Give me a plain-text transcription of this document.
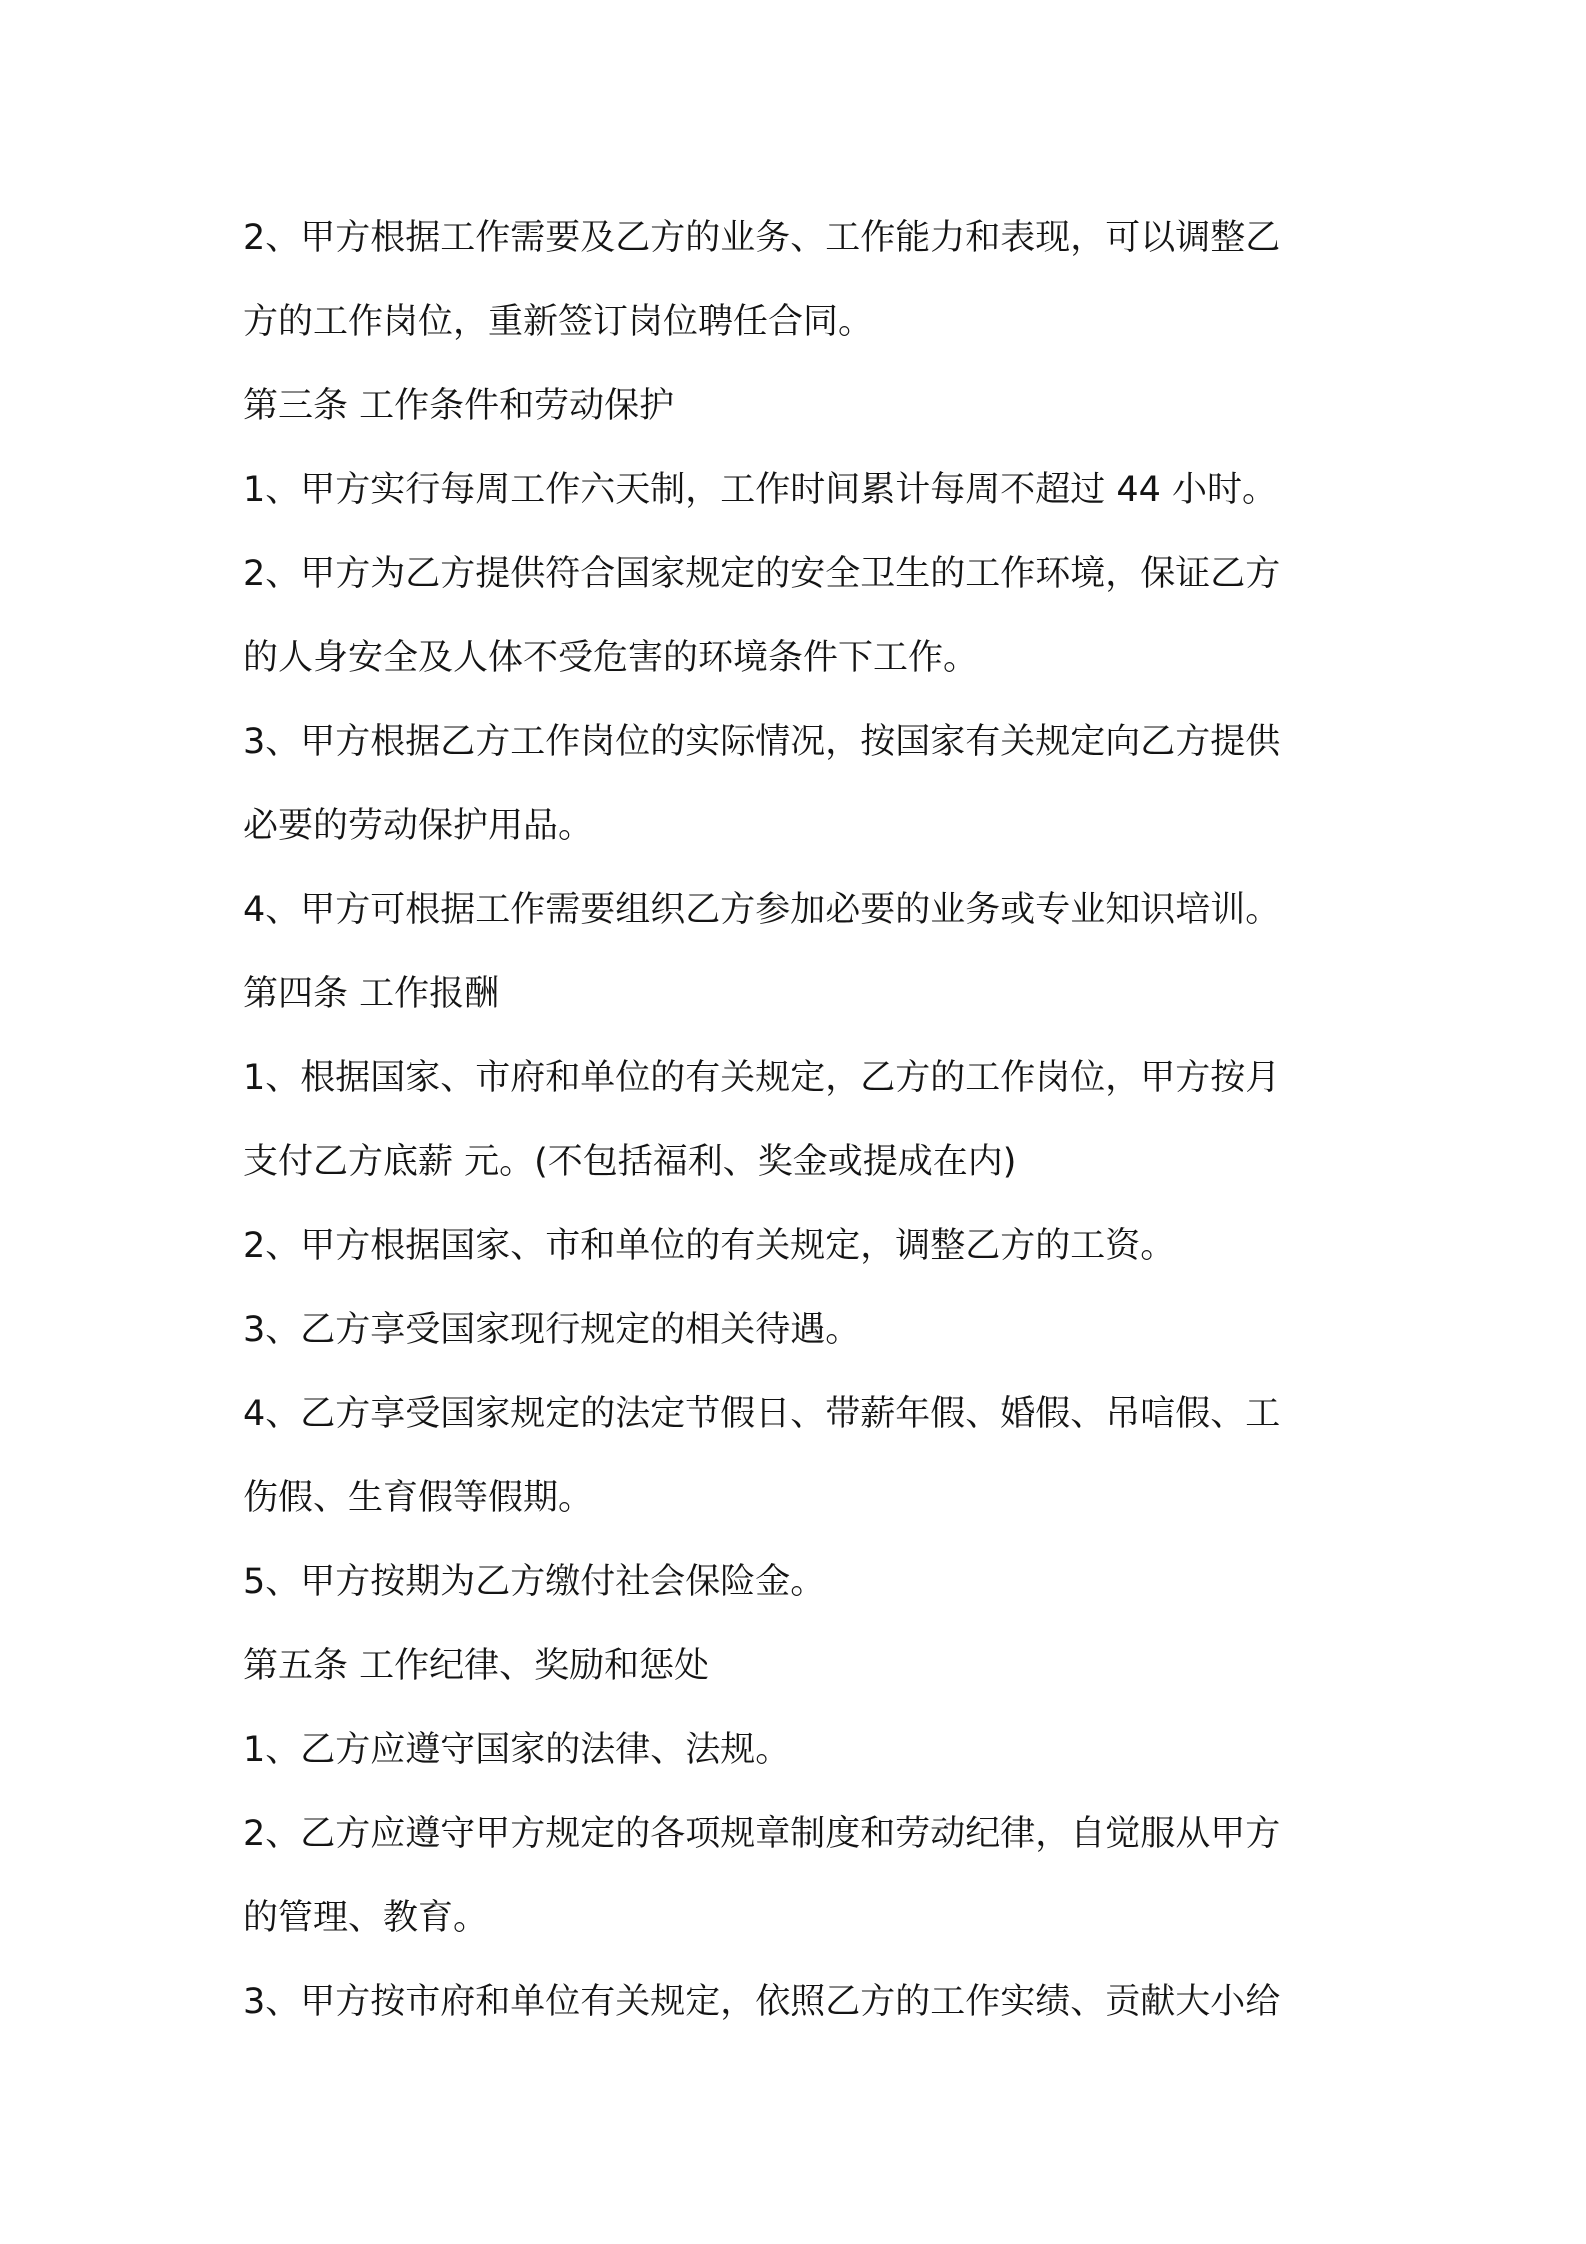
2、甲方根据工作需要及乙方的业务、工作能力和表现，可以调整乙
方的工作岗位，重新签订岗位聘任合同。
第三条 工作条件和劳动保护
1、甲方实行每周工作六天制，工作时间累计每周不超过 44 小时。
2、甲方为乙方提供符合国家规定的安全卫生的工作环境，保证乙方
的人身安全及人体不受危害的环境条件下工作。
3、甲方根据乙方工作岗位的实际情况，按国家有关规定向乙方提供
必要的劳动保护用品。
4、甲方可根据工作需要组织乙方参加必要的业务或专业知识培训。
第四条 工作报酬
1、根据国家、市府和单位的有关规定，乙方的工作岗位，甲方按月
支付乙方底薪 元。(不包括福利、奖金或提成在内)
2、甲方根据国家、市和单位的有关规定，调整乙方的工资。
3、乙方享受国家现行规定的相关待遇。
4、乙方享受国家规定的法定节假日、带薪年假、婚假、吊唁假、工
伤假、生育假等假期。
5、甲方按期为乙方缴付社会保险金。
第五条 工作纪律、奖励和惩处
1、乙方应遵守国家的法律、法规。
2、乙方应遵守甲方规定的各项规章制度和劳动纪律，自觉服从甲方
的管理、教育。
3、甲方按市府和单位有关规定，依照乙方的工作实绩、贡献大小给
